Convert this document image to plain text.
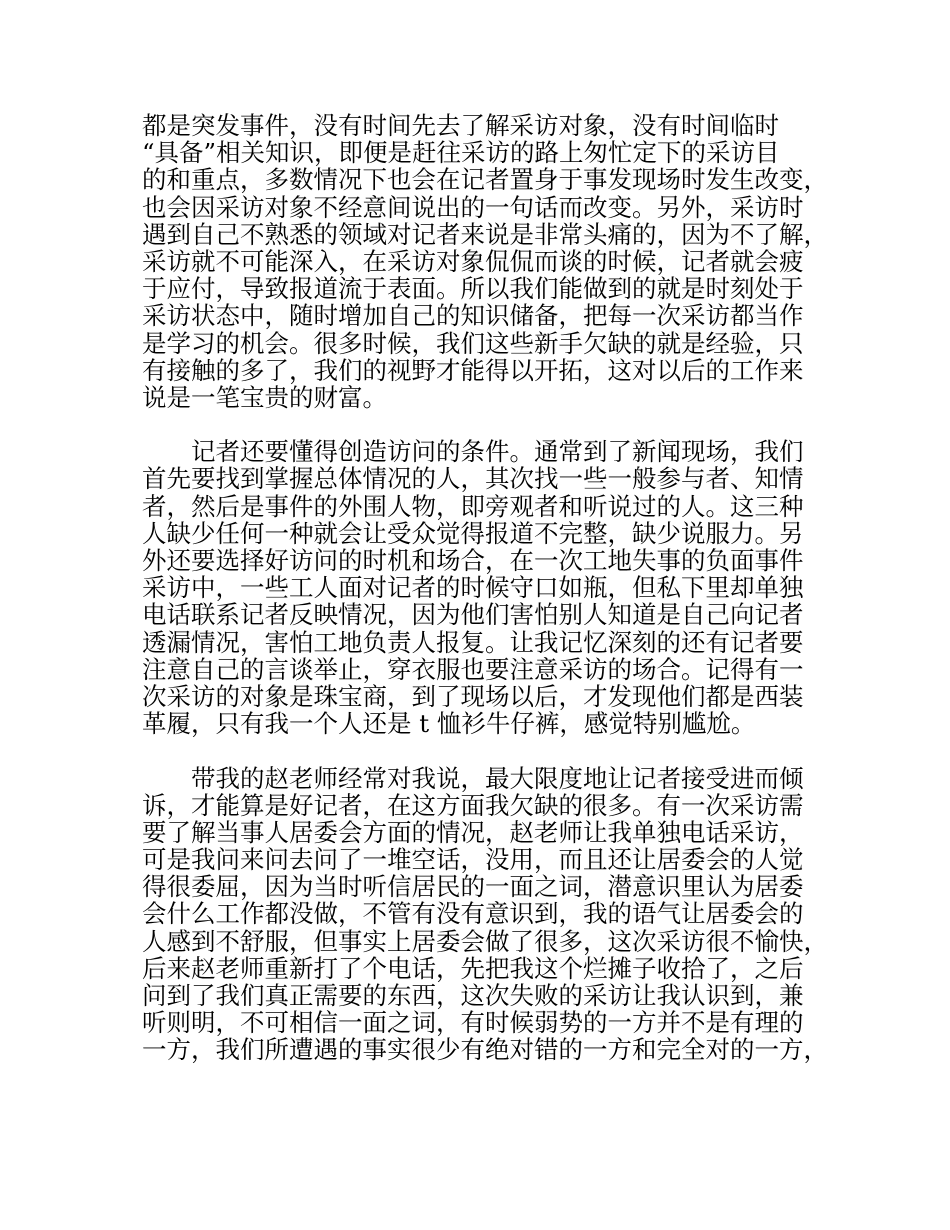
都是突发事件，没有时间先去了解采访对象，没有时间临时
“具备”相关知识，即便是赶往采访的路上匆忙定下的采访目
的和重点，多数情况下也会在记者置身于事发现场时发生改变，
也会因采访对象不经意间说出的一句话而改变。另外，采访时
遇到自己不熟悉的领域对记者来说是非常头痛的，因为不了解，
采访就不可能深入，在采访对象侃侃而谈的时候，记者就会疲
于应付，导致报道流于表面。所以我们能做到的就是时刻处于
采访状态中，随时增加自己的知识储备，把每一次采访都当作
是学习的机会。很多时候，我们这些新手欠缺的就是经验，只
有接触的多了，我们的视野才能得以开拓，这对以后的工作来
说是一笔宝贵的财富。
　　记者还要懂得创造访问的条件。通常到了新闻现场，我们
首先要找到掌握总体情况的人，其次找一些一般参与者、知情
者，然后是事件的外围人物，即旁观者和听说过的人。这三种
人缺少任何一种就会让受众觉得报道不完整，缺少说服力。另
外还要选择好访问的时机和场合，在一次工地失事的负面事件
采访中，一些工人面对记者的时候守口如瓶，但私下里却单独
电话联系记者反映情况，因为他们害怕别人知道是自己向记者
透漏情况，害怕工地负责人报复。让我记忆深刻的还有记者要
注意自己的言谈举止，穿衣服也要注意采访的场合。记得有一
次采访的对象是珠宝商，到了现场以后，才发现他们都是西装
革履，只有我一个人还是 t 恤衫牛仔裤，感觉特别尴尬。
　　带我的赵老师经常对我说，最大限度地让记者接受进而倾
诉，才能算是好记者，在这方面我欠缺的很多。有一次采访需
要了解当事人居委会方面的情况，赵老师让我单独电话采访，
可是我问来问去问了一堆空话，没用，而且还让居委会的人觉
得很委屈，因为当时听信居民的一面之词，潜意识里认为居委
会什么工作都没做，不管有没有意识到，我的语气让居委会的
人感到不舒服，但事实上居委会做了很多，这次采访很不愉快，
后来赵老师重新打了个电话，先把我这个烂摊子收拾了，之后
问到了我们真正需要的东西，这次失败的采访让我认识到，兼
听则明，不可相信一面之词，有时候弱势的一方并不是有理的
一方，我们所遭遇的事实很少有绝对错的一方和完全对的一方，
